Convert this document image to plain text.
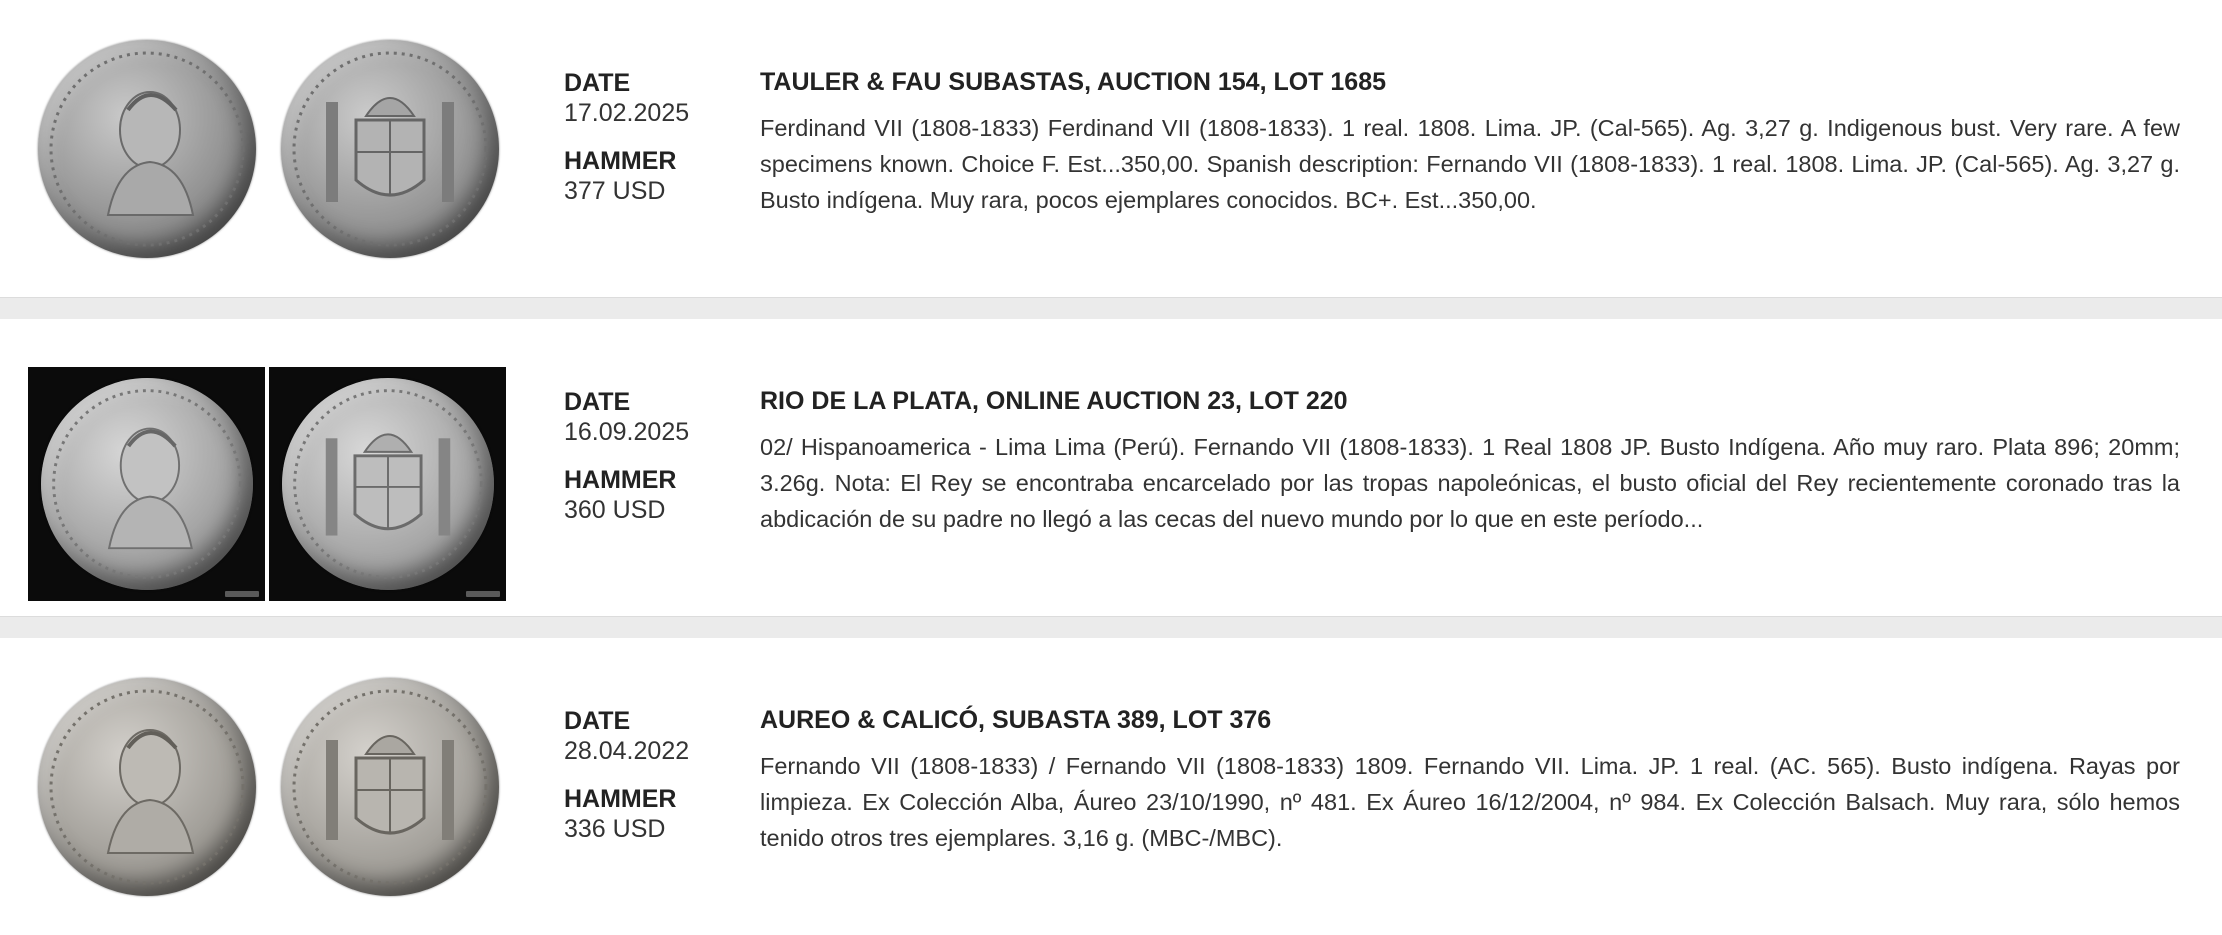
DATE
17.02.2025
HAMMER
377 USD
TAULER & FAU SUBASTAS, AUCTION 154, LOT 1685
Ferdinand VII (1808-1833) Ferdinand VII (1808-1833). 1 real. 1808. Lima. JP. (Cal-565). Ag. 3,27 g. Indigenous bust. Very rare. A few specimens known. Choice F. Est...350,00. Spanish description: Fernando VII (1808-1833). 1 real. 1808. Lima. JP. (Cal-565). Ag. 3,27 g. Busto indígena. Muy rara, pocos ejemplares conocidos. BC+. Est...350,00.
DATE
16.09.2025
HAMMER
360 USD
RIO DE LA PLATA, ONLINE AUCTION 23, LOT 220
02/ Hispanoamerica - Lima Lima (Perú). Fernando VII (1808-1833). 1 Real 1808 JP. Busto Indígena. Año muy raro. Plata 896; 20mm; 3.26g. Nota: El Rey se encontraba encarcelado por las tropas napoleónicas, el busto oficial del Rey recientemente coronado tras la abdicación de su padre no llegó a las cecas del nuevo mundo por lo que en este período...
DATE
28.04.2022
HAMMER
336 USD
AUREO & CALICÓ, SUBASTA 389, LOT 376
Fernando VII (1808-1833) / Fernando VII (1808-1833) 1809. Fernando VII. Lima. JP. 1 real. (AC. 565). Busto indígena. Rayas por limpieza. Ex Colección Alba, Áureo 23/10/1990, nº 481. Ex Áureo 16/12/2004, nº 984. Ex Colección Balsach. Muy rara, sólo hemos tenido otros tres ejemplares. 3,16 g. (MBC-/MBC).
